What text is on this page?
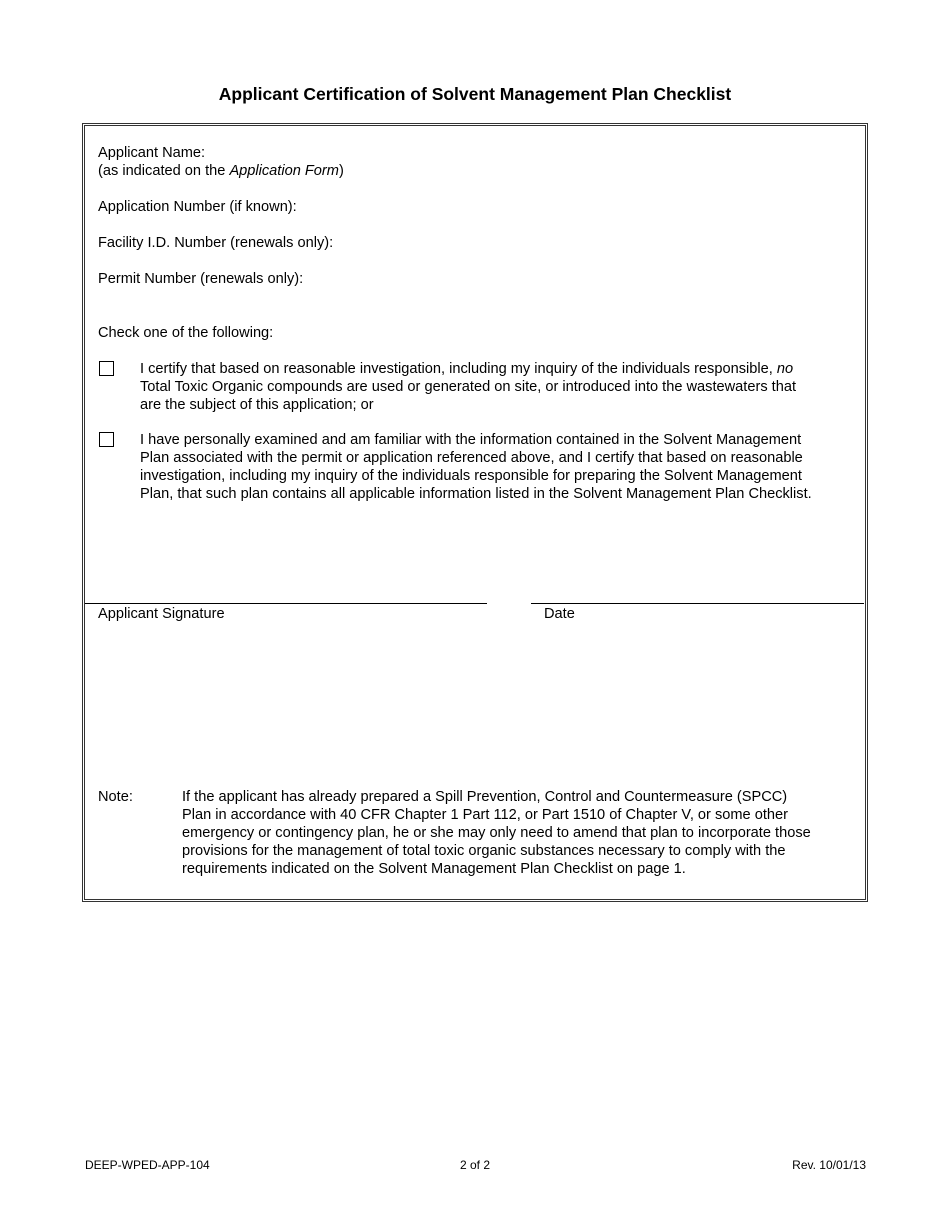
Applicant Certification of Solvent Management Plan Checklist
Applicant Name:
(as indicated on the Application Form)
Application Number (if known):
Facility I.D. Number (renewals only):
Permit Number (renewals only):
Check one of the following:
I certify that based on reasonable investigation, including my inquiry of the individuals responsible, no
Total Toxic Organic compounds are used or generated on site, or introduced into the wastewaters that
are the subject of this application; or
I have personally examined and am familiar with the information contained in the Solvent Management
Plan associated with the permit or application referenced above, and I certify that based on reasonable
investigation, including my inquiry of the individuals responsible for preparing the Solvent Management
Plan, that such plan contains all applicable information listed in the Solvent Management Plan Checklist.
Applicant Signature	Date
Note:	If the applicant has already prepared a Spill Prevention, Control and Countermeasure (SPCC)
Plan in accordance with 40 CFR Chapter 1 Part 112, or Part 1510 of Chapter V, or some other
emergency or contingency plan, he or she may only need to amend that plan to incorporate those
provisions for the management of total toxic organic substances necessary to comply with the
requirements indicated on the Solvent Management Plan Checklist on page 1.
DEEP-WPED-APP-104	2 of 2	Rev. 10/01/13
